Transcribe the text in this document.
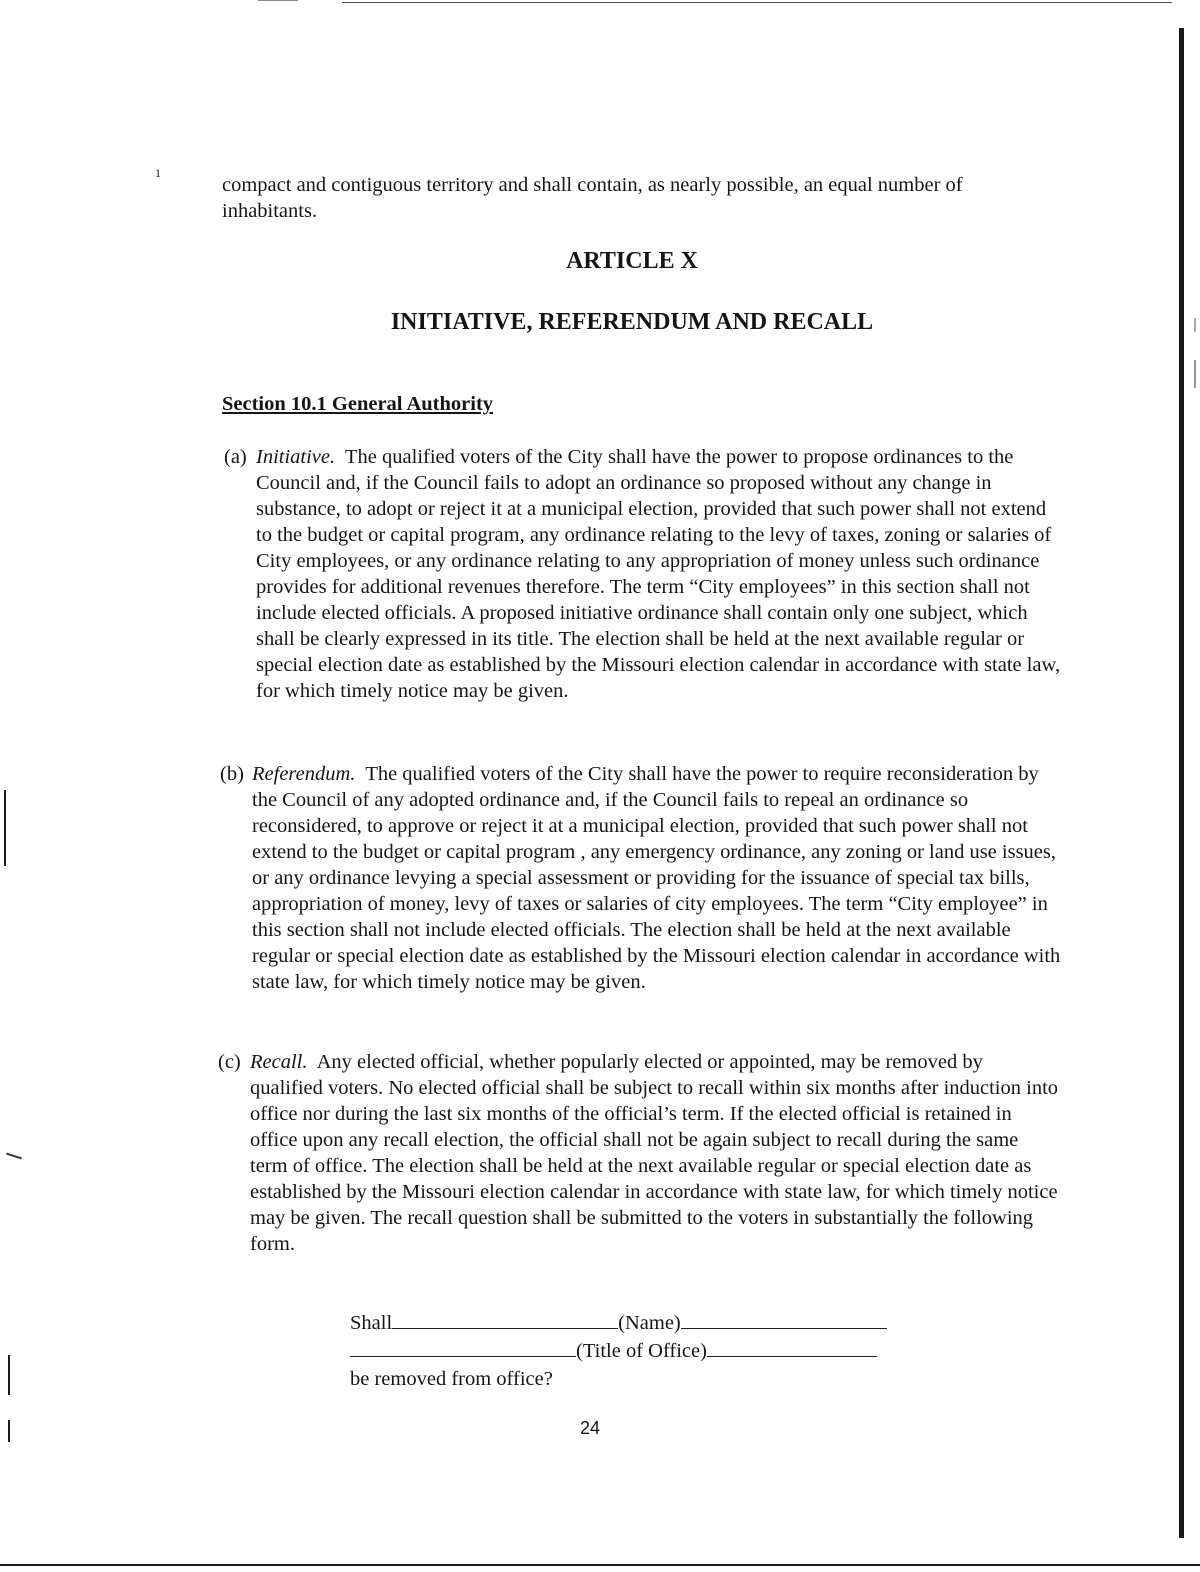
1
compact and contiguous territory and shall contain, as nearly possible, an equal number of inhabitants.
ARTICLE X
INITIATIVE, REFERENDUM AND RECALL
Section 10.1 General Authority
(a) Initiative. The qualified voters of the City shall have the power to propose ordinances to the Council and, if the Council fails to adopt an ordinance so proposed without any change in substance, to adopt or reject it at a municipal election, provided that such power shall not extend to the budget or capital program, any ordinance relating to the levy of taxes, zoning or salaries of City employees, or any ordinance relating to any appropriation of money unless such ordinance provides for additional revenues therefore. The term “City employees” in this section shall not include elected officials. A proposed initiative ordinance shall contain only one subject, which shall be clearly expressed in its title. The election shall be held at the next available regular or special election date as established by the Missouri election calendar in accordance with state law, for which timely notice may be given.
(b) Referendum. The qualified voters of the City shall have the power to require reconsideration by the Council of any adopted ordinance and, if the Council fails to repeal an ordinance so reconsidered, to approve or reject it at a municipal election, provided that such power shall not extend to the budget or capital program , any emergency ordinance, any zoning or land use issues, or any ordinance levying a special assessment or providing for the issuance of special tax bills, appropriation of money, levy of taxes or salaries of city employees. The term “City employee” in this section shall not include elected officials. The election shall be held at the next available regular or special election date as established by the Missouri election calendar in accordance with state law, for which timely notice may be given.
(c) Recall. Any elected official, whether popularly elected or appointed, may be removed by qualified voters. No elected official shall be subject to recall within six months after induction into office nor during the last six months of the official’s term. If the elected official is retained in office upon any recall election, the official shall not be again subject to recall during the same term of office. The election shall be held at the next available regular or special election date as established by the Missouri election calendar in accordance with state law, for which timely notice may be given. The recall question shall be submitted to the voters in substantially the following form.
Shall	(Name)
(Title of Office)
be removed from office?
24
